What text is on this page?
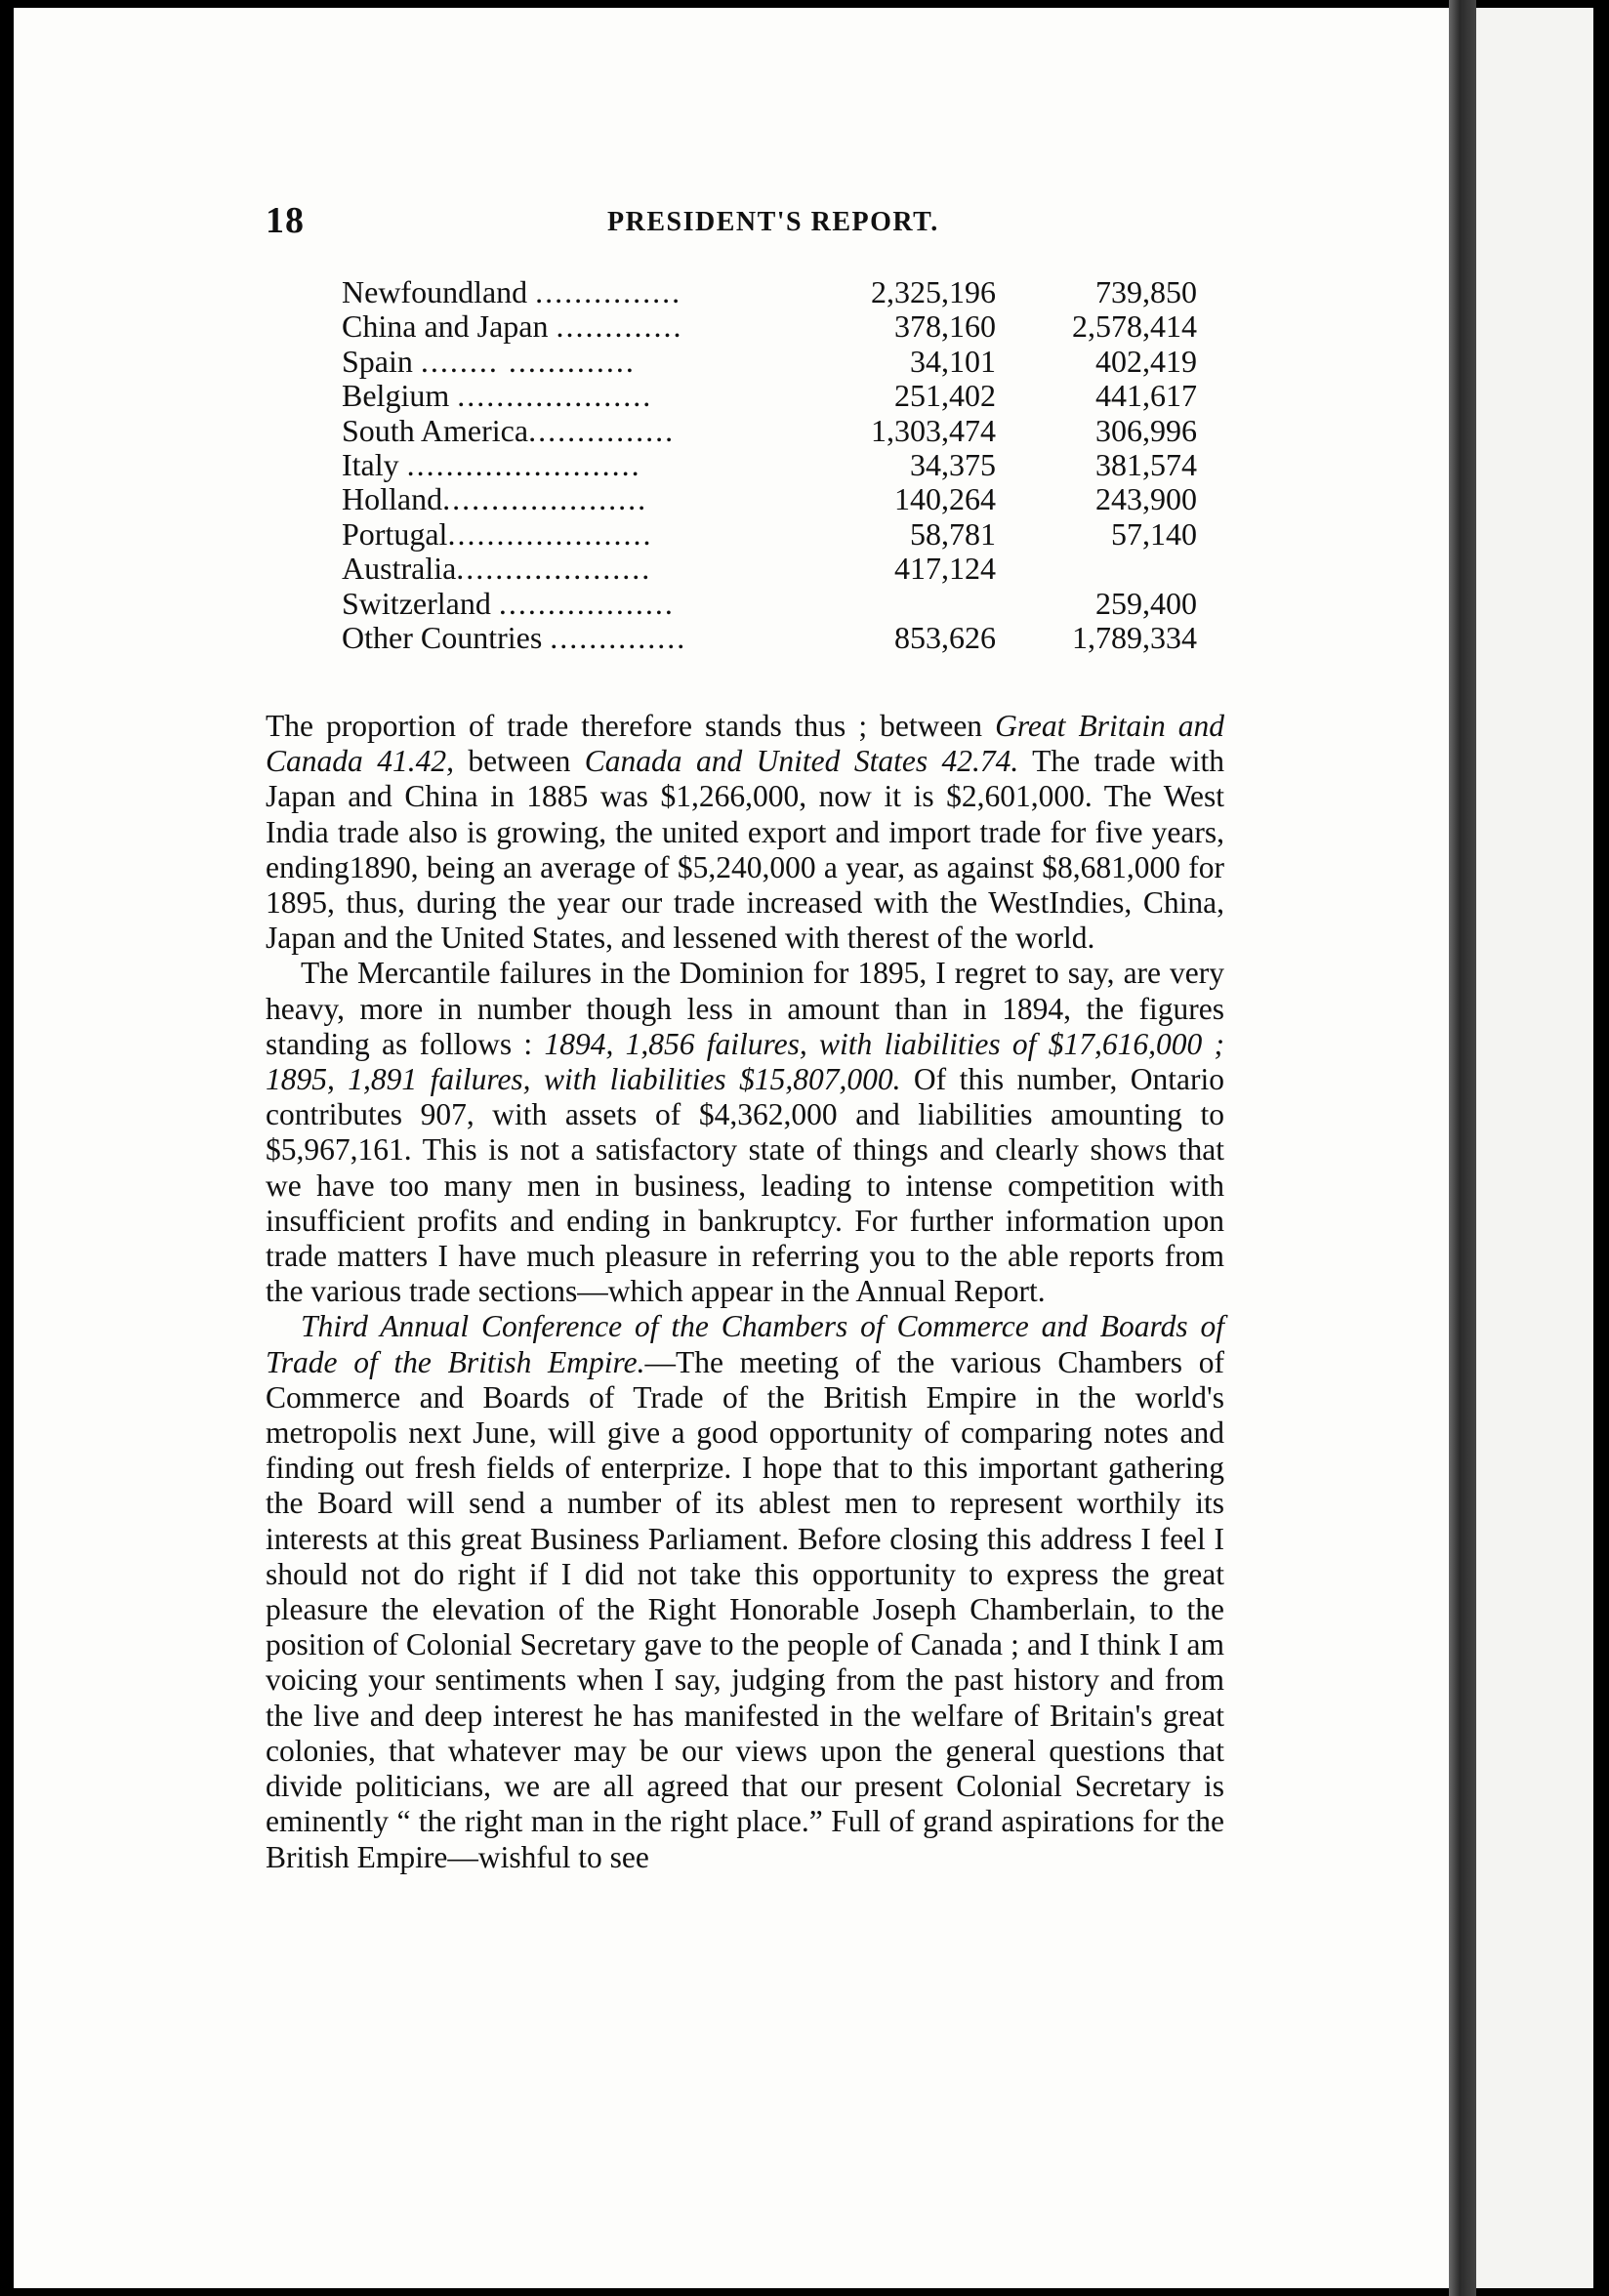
18	PRESIDENT'S REPORT.
Newfoundland ...............	2,325,196	739,850
China and Japan .............	378,160	2,578,414
Spain ........ .............	34,101	402,419
Belgium ....................	251,402	441,617
South America...............	1,303,474	306,996
Italy ........................	34,375	381,574
Holland.....................	140,264	243,900
Portugal.....................	58,781	57,140
Australia....................	417,124	
Switzerland ..................		259,400
Other Countries ..............	853,626	1,789,334

The proportion of trade therefore stands thus ; between Great Britain and Canada 41.42, between Canada and United States 42.74. The trade with Japan and China in 1885 was $1,266,000, now it is $2,601,000. The West India trade also is growing, the united export and import trade for five years, ending1890, being an average of $5,240,000 a year, as against $8,681,000 for 1895, thus, during the year our trade increased with the WestIndies, China, Japan and the United States, and lessened with therest of the world.

The Mercantile failures in the Dominion for 1895, I regret to say, are very heavy, more in number though less in amount than in 1894, the figures standing as follows : 1894, 1,856 failures, with liabilities of $17,616,000 ; 1895, 1,891 failures, with liabilities $15,807,000. Of this number, Ontario contributes 907, with assets of $4,362,000 and liabilities amounting to $5,967,161. This is not a satisfactory state of things and clearly shows that we have too many men in business, leading to intense competition with insufficient profits and ending in bankruptcy. For further information upon trade matters I have much pleasure in referring you to the able reports from the various trade sections—which appear in the Annual Report.

Third Annual Conference of the Chambers of Commerce and Boards of Trade of the British Empire.—The meeting of the various Chambers of Commerce and Boards of Trade of the British Empire in the world's metropolis next June, will give a good opportunity of comparing notes and finding out fresh fields of enterprize. I hope that to this important gathering the Board will send a number of its ablest men to represent worthily its interests at this great Business Parliament. Before closing this address I feel I should not do right if I did not take this opportunity to express the great pleasure the elevation of the Right Honorable Joseph Chamberlain, to the position of Colonial Secretary gave to the people of Canada ; and I think I am voicing your sentiments when I say, judging from the past history and from the live and deep interest he has manifested in the welfare of Britain's great colonies, that whatever may be our views upon the general questions that divide politicians, we are all agreed that our present Colonial Secretary is eminently “ the right man in the right place.” Full of grand aspirations for the British Empire—wishful to see
